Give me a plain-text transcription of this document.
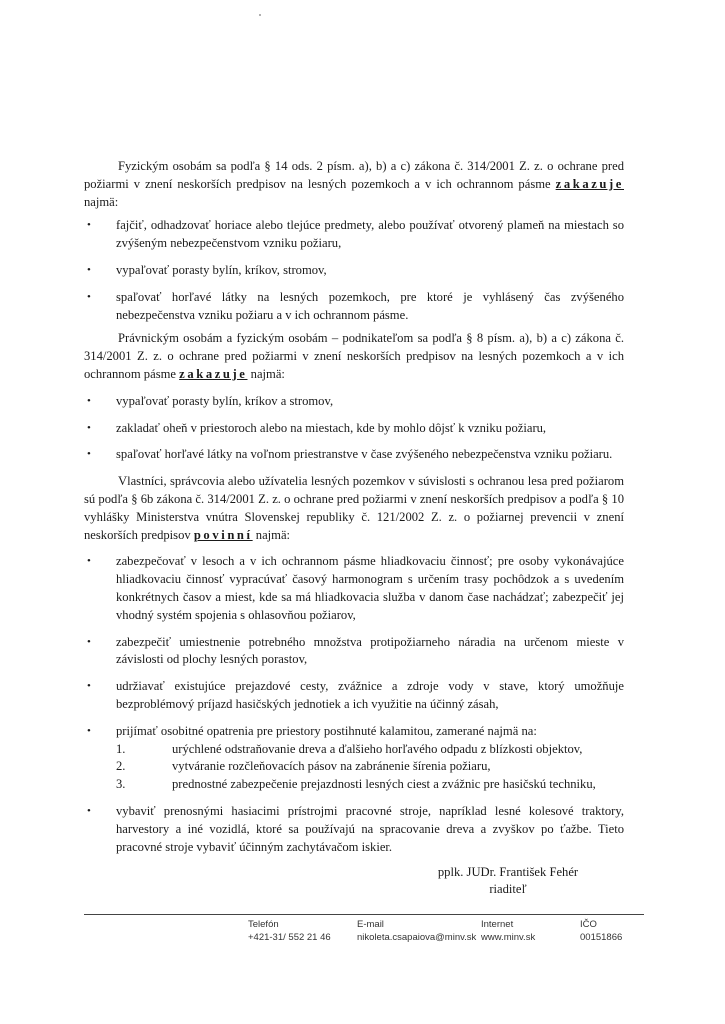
Fyzickým osobám sa podľa § 14 ods. 2 písm. a), b) a c) zákona č. 314/2001 Z. z. o ochrane pred požiarmi v znení neskorších predpisov na lesných pozemkoch a v ich ochrannom pásme zakazuje najmä:

• fajčiť, odhadzovať horiace alebo tlejúce predmety, alebo používať otvorený plameň na miestach so zvýšeným nebezpečenstvom vzniku požiaru,

• vypaľovať porasty bylín, kríkov, stromov,

• spaľovať horľavé látky na lesných pozemkoch, pre ktoré je vyhlásený čas zvýšeného nebezpečenstva vzniku požiaru a v ich ochrannom pásme.

Právnickým osobám a fyzickým osobám – podnikateľom sa podľa § 8 písm. a), b) a c) zákona č. 314/2001 Z. z. o ochrane pred požiarmi v znení neskorších predpisov na lesných pozemkoch a v ich ochrannom pásme zakazuje najmä:

• vypaľovať porasty bylín, kríkov a stromov,

• zakladať oheň v priestoroch alebo na miestach, kde by mohlo dôjsť k vzniku požiaru,

• spaľovať horľavé látky na voľnom priestranstve v čase zvýšeného nebezpečenstva vzniku požiaru.

Vlastníci, správcovia alebo užívatelia lesných pozemkov v súvislosti s ochranou lesa pred požiarom sú podľa § 6b zákona č. 314/2001 Z. z. o ochrane pred požiarmi v znení neskorších predpisov a podľa § 10 vyhlášky Ministerstva vnútra Slovenskej republiky č. 121/2002 Z. z. o požiarnej prevencii v znení neskorších predpisov povinní najmä:

• zabezpečovať v lesoch a v ich ochrannom pásme hliadkovaciu činnosť; pre osoby vykonávajúce hliadkovaciu činnosť vypracúvať časový harmonogram s určením trasy pochôdzok a s uvedením konkrétnych časov a miest, kde sa má hliadkovacia služba v danom čase nachádzať; zabezpečiť jej vhodný systém spojenia s ohlasovňou požiarov,

• zabezpečiť umiestnenie potrebného množstva protipožiarneho náradia na určenom mieste v závislosti od plochy lesných porastov,

• udržiavať existujúce prejazdové cesty, zvážnice a zdroje vody v stave, ktorý umožňuje bezproblémový príjazd hasičských jednotiek a ich využitie na účinný zásah,

• prijímať osobitné opatrenia pre priestory postihnuté kalamitou, zamerané najmä na:

1.	urýchlené odstraňovanie dreva a ďalšieho horľavého odpadu z blízkosti objektov,

2.	vytváranie rozčleňovacích pásov na zabránenie šírenia požiaru,

3.	prednostné zabezpečenie prejazdnosti lesných ciest a zvážnic pre hasičskú techniku,

• vybaviť prenosnými hasiacimi prístrojmi pracovné stroje, napríklad lesné kolesové traktory, harvestory a iné vozidlá, ktoré sa používajú na spracovanie dreva a zvyškov po ťažbe. Tieto pracovné stroje vybaviť účinným zachytávačom iskier.

pplk. JUDr. František Fehér
riaditeľ
Telefón
+421-31/ 552 21 46
E-mail
nikoleta.csapaiova@minv.sk
Internet
www.minv.sk
IČO
00151866
